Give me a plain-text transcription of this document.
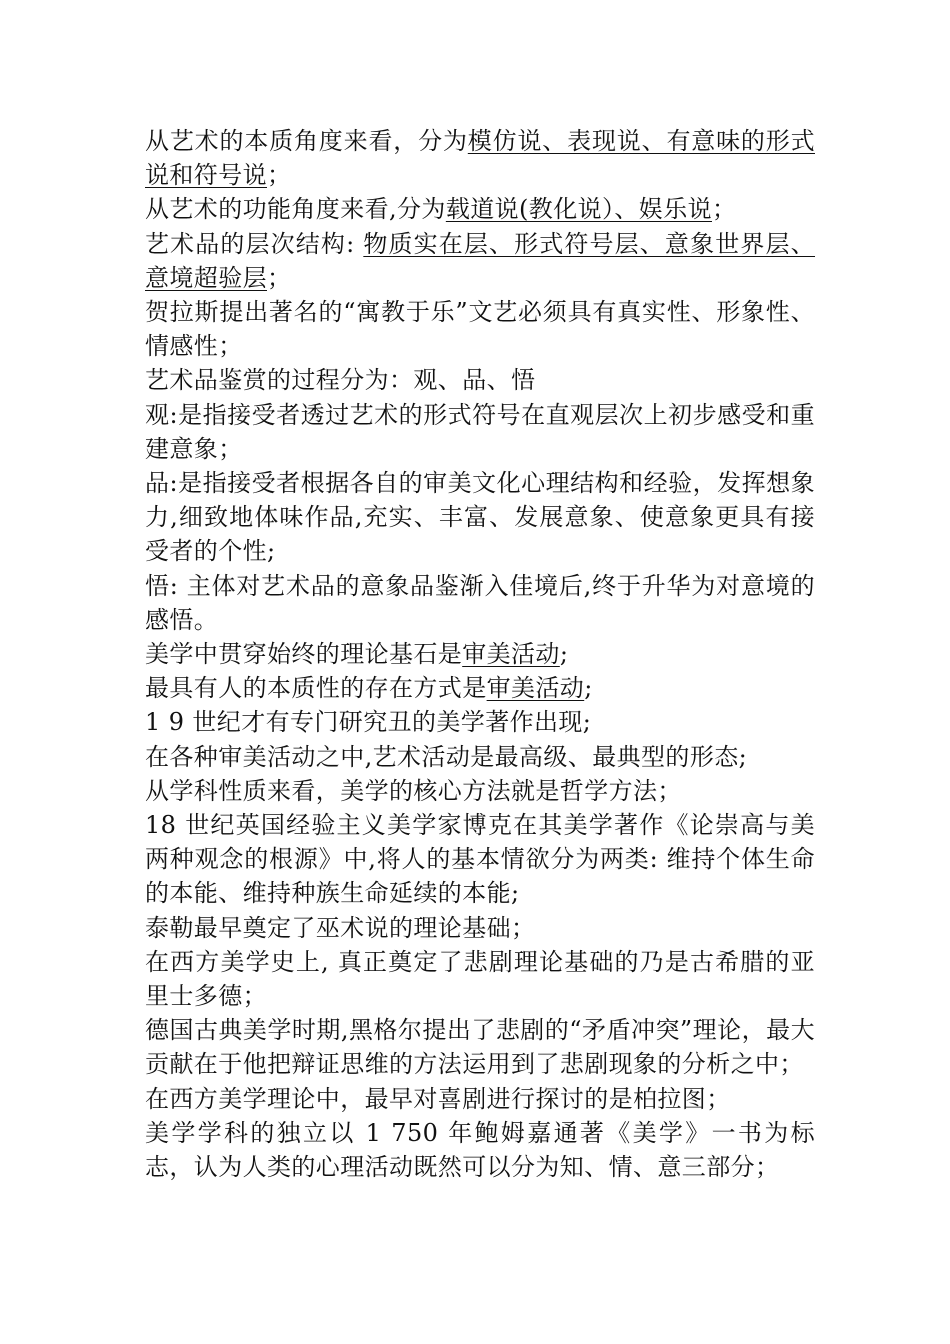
从艺术的本质角度来看，分为模仿说、表现说、有意味的形式说和符号说；

从艺术的功能角度来看,分为载道说(教化说）、娱乐说；

艺术品的层次结构: 物质实在层、形式符号层、意象世界层、意境超验层；

贺拉斯提出著名的“寓教于乐”文艺必须具有真实性、形象性、情感性；

艺术品鉴赏的过程分为：观、品、悟

观:是指接受者透过艺术的形式符号在直观层次上初步感受和重建意象；

品:是指接受者根据各自的审美文化心理结构和经验，发挥想象力,细致地体味作品,充实、丰富、发展意象、使意象更具有接受者的个性;

悟: 主体对艺术品的意象品鉴渐入佳境后,终于升华为对意境的感悟。

美学中贯穿始终的理论基石是审美活动;

最具有人的本质性的存在方式是审美活动;

1 9 世纪才有专门研究丑的美学著作出现;

在各种审美活动之中,艺术活动是最高级、最典型的形态;

从学科性质来看，美学的核心方法就是哲学方法；

18 世纪英国经验主义美学家博克在其美学著作《论崇高与美两种观念的根源》中,将人的基本情欲分为两类: 维持个体生命的本能、维持种族生命延续的本能;

泰勒最早奠定了巫术说的理论基础；

在西方美学史上, 真正奠定了悲剧理论基础的乃是古希腊的亚里士多德；

德国古典美学时期,黑格尔提出了悲剧的“矛盾冲突”理论，最大贡献在于他把辩证思维的方法运用到了悲剧现象的分析之中；

在西方美学理论中，最早对喜剧进行探讨的是柏拉图；

美学学科的独立以 1 750 年鲍姆嘉通著《美学》一书为标志，认为人类的心理活动既然可以分为知、情、意三部分；
